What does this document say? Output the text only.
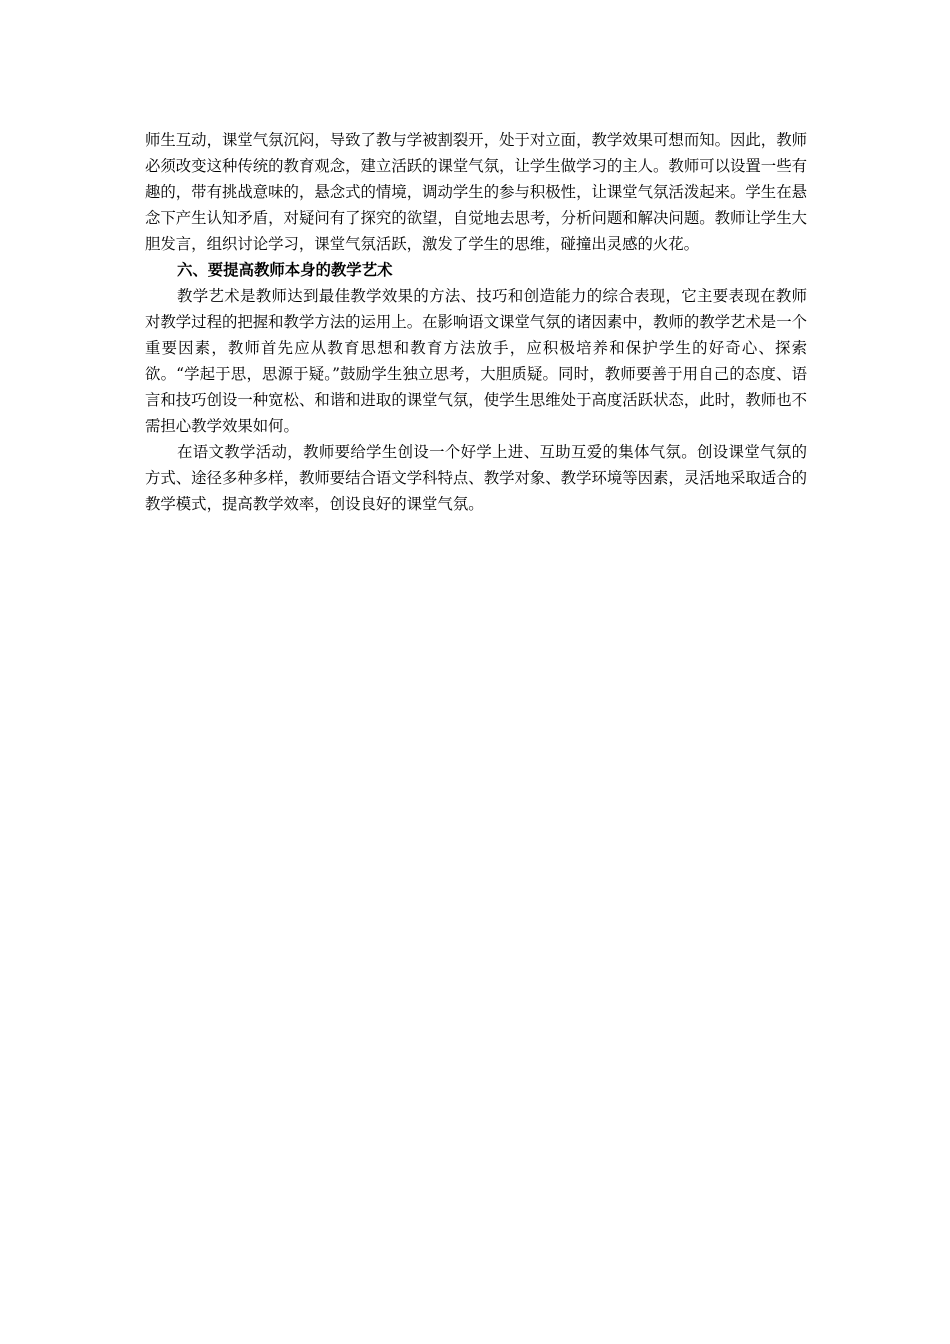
师生互动，课堂气氛沉闷，导致了教与学被割裂开，处于对立面，教学效果可想而知。因此，教师必须改变这种传统的教育观念，建立活跃的课堂气氛，让学生做学习的主人。教师可以设置一些有趣的，带有挑战意味的，悬念式的情境，调动学生的参与积极性，让课堂气氛活泼起来。学生在悬念下产生认知矛盾，对疑问有了探究的欲望，自觉地去思考，分析问题和解决问题。教师让学生大胆发言，组织讨论学习，课堂气氛活跃，激发了学生的思维，碰撞出灵感的火花。

六、要提高教师本身的教学艺术

教学艺术是教师达到最佳教学效果的方法、技巧和创造能力的综合表现，它主要表现在教师对教学过程的把握和教学方法的运用上。在影响语文课堂气氛的诸因素中，教师的教学艺术是一个重要因素，教师首先应从教育思想和教育方法放手，应积极培养和保护学生的好奇心、探索欲。“学起于思，思源于疑。”鼓励学生独立思考，大胆质疑。同时，教师要善于用自己的态度、语言和技巧创设一种宽松、和谐和进取的课堂气氛，使学生思维处于高度活跃状态，此时，教师也不需担心教学效果如何。

在语文教学活动，教师要给学生创设一个好学上进、互助互爱的集体气氛。创设课堂气氛的方式、途径多种多样，教师要结合语文学科特点、教学对象、教学环境等因素，灵活地采取适合的教学模式，提高教学效率，创设良好的课堂气氛。
